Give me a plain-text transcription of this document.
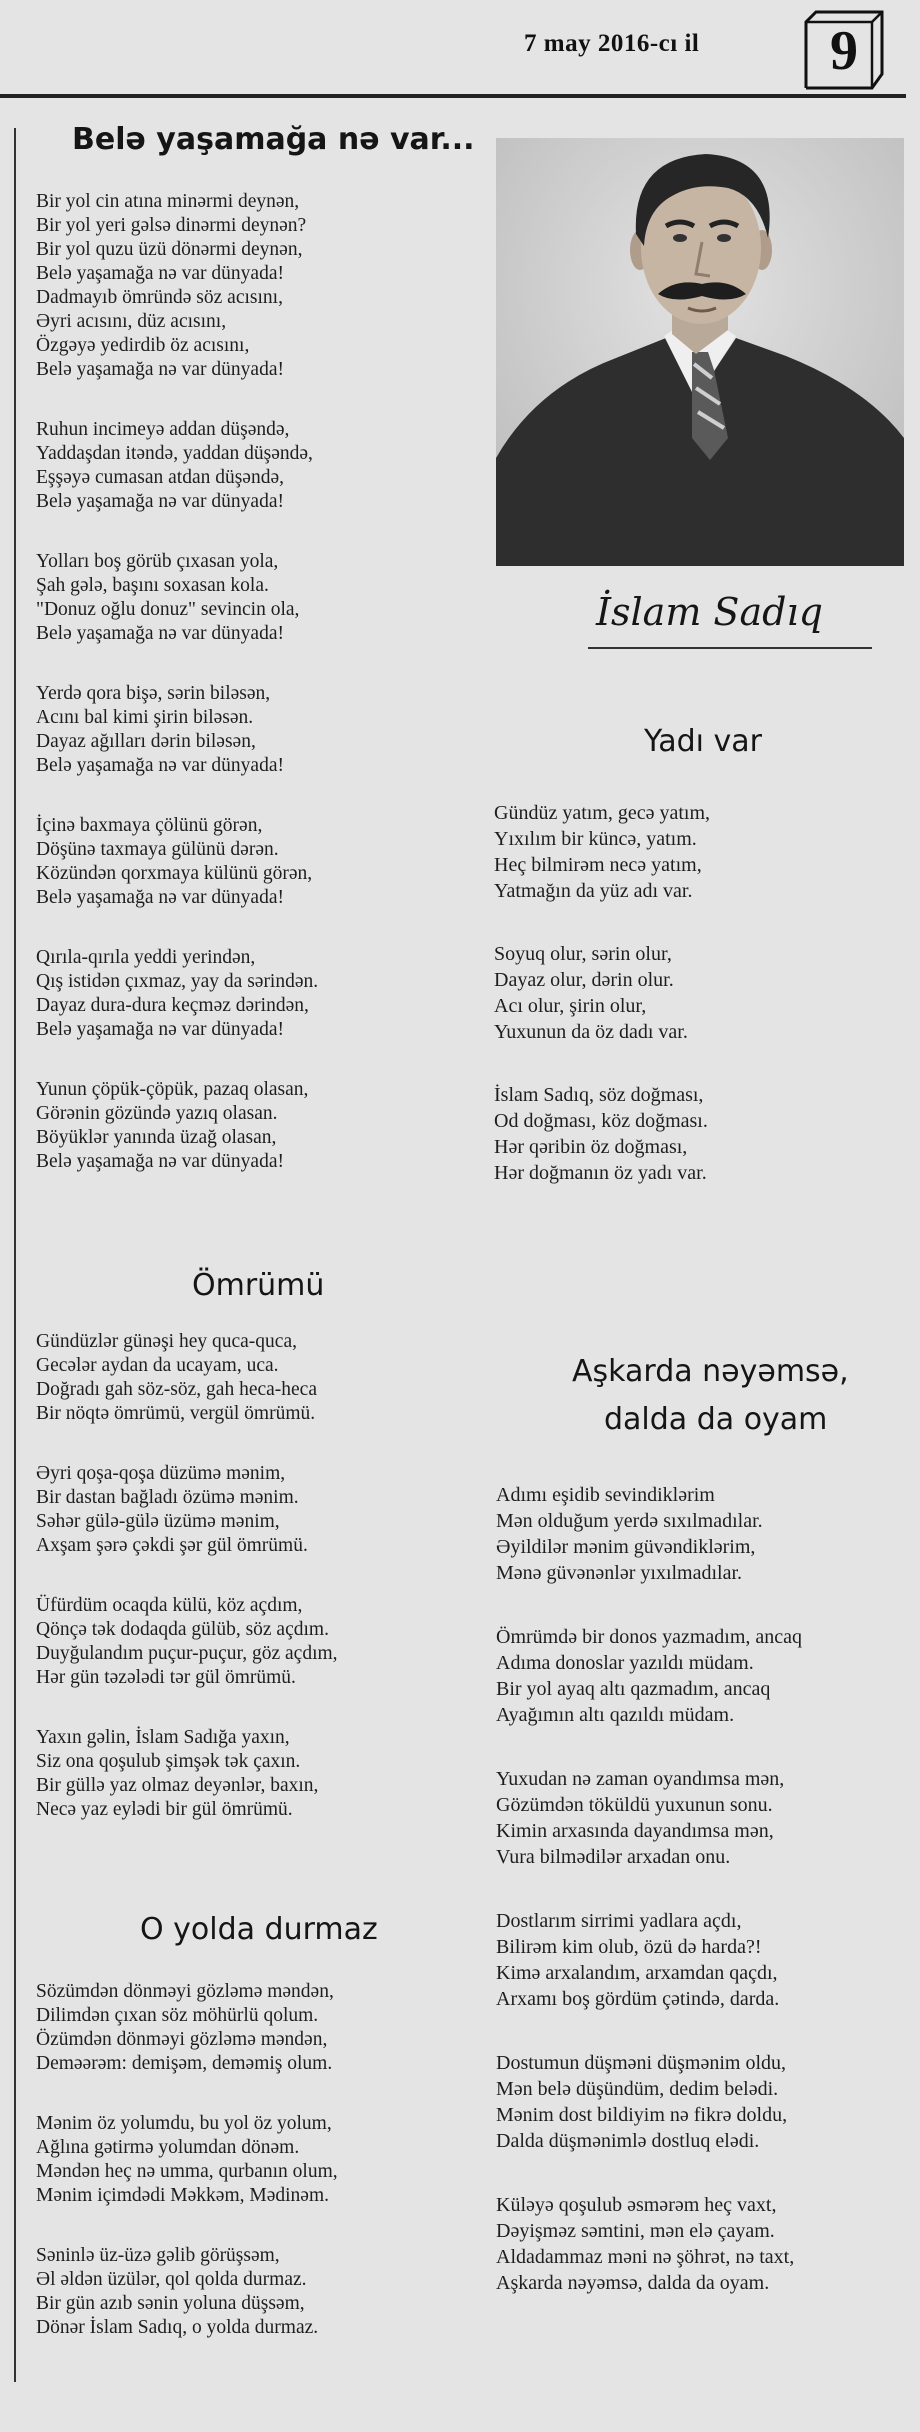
7 may 2016-cı il 9
Belə yaşamağa nə var...
Bir yol cin atına minərmi deynən,
Bir yol yeri gəlsə dinərmi deynən?
Bir yol quzu üzü dönərmi deynən,
Belə yaşamağa nə var dünyada!
Dadmayıb ömründə söz acısını,
Əyri acısını, düz acısını,
Özgəyə yedirdib öz acısını,
Belə yaşamağa nə var dünyada!
Ruhun incimeyə addan düşəndə,
Yaddaşdan itəndə, yaddan düşəndə,
Eşşəyə cumasan atdan düşəndə,
Belə yaşamağa nə var dünyada!
Yolları boş görüb çıxasan yola,
Şah gələ, başını soxasan kola.
"Donuz oğlu donuz" sevincin ola,
Belə yaşamağa nə var dünyada!
Yerdə qora bişə, sərin biləsən,
Acını bal kimi şirin biləsən.
Dayaz ağılları dərin biləsən,
Belə yaşamağa nə var dünyada!
İçinə baxmaya çölünü görən,
Döşünə taxmaya gülünü dərən.
Közündən qorxmaya külünü görən,
Belə yaşamağa nə var dünyada!
Qırıla-qırıla yeddi yerindən,
Qış istidən çıxmaz, yay da sərindən.
Dayaz dura-dura keçməz dərindən,
Belə yaşamağa nə var dünyada!
Yunun çöpük-çöpük, pazaq olasan,
Görənin gözündə yazıq olasan.
Böyüklər yanında üzağ olasan,
Belə yaşamağa nə var dünyada!
Ömrümü
Gündüzlər günəşi hey quca-quca,
Gecələr aydan da ucayam, uca.
Doğradı gah söz-söz, gah heca-heca
Bir nöqtə ömrümü, vergül ömrümü.
Əyri qoşa-qoşa düzümə mənim,
Bir dastan bağladı özümə mənim.
Səhər gülə-gülə üzümə mənim,
Axşam şərə çəkdi şər gül ömrümü.
Üfürdüm ocaqda külü, köz açdım,
Qönçə tək dodaqda gülüb, söz açdım.
Duyğulandım puçur-puçur, göz açdım,
Hər gün təzələdi tər gül ömrümü.
Yaxın gəlin, İslam Sadığa yaxın,
Siz ona qoşulub şimşək tək çaxın.
Bir güllə yaz olmaz deyənlər, baxın,
Necə yaz eylədi bir gül ömrümü.
O yolda durmaz
Sözümdən dönməyi gözləmə məndən,
Dilimdən çıxan söz möhürlü qolum.
Özümdən dönməyi gözləmə məndən,
Deməərəm: demişəm, deməmiş olum.
Mənim öz yolumdu, bu yol öz yolum,
Ağlına gətirmə yolumdan dönəm.
Məndən heç nə umma, qurbanın olum,
Mənim içimdədi Məkkəm, Mədinəm.
Səninlə üz-üzə gəlib görüşsəm,
Əl əldən üzülər, qol qolda durmaz.
Bir gün azıb sənin yoluna düşsəm,
Dönər İslam Sadıq, o yolda durmaz.
İslam Sadıq
Yadı var
Gündüz yatım, gecə yatım,
Yıxılım bir küncə, yatım.
Heç bilmirəm necə yatım,
Yatmağın da yüz adı var.
Soyuq olur, sərin olur,
Dayaz olur, dərin olur.
Acı olur, şirin olur,
Yuxunun da öz dadı var.
İslam Sadıq, söz doğması,
Od doğması, köz doğması.
Hər qəribin öz doğması,
Hər doğmanın öz yadı var.
Aşkarda nəyəmsə,
dalda da oyam
Adımı eşidib sevindiklərim
Mən olduğum yerdə sıxılmadılar.
Əyildilər mənim güvəndiklərim,
Mənə güvənənlər yıxılmadılar.
Ömrümdə bir donos yazmadım, ancaq
Adıma donoslar yazıldı müdam.
Bir yol ayaq altı qazmadım, ancaq
Ayağımın altı qazıldı müdam.
Yuxudan nə zaman oyandımsa mən,
Gözümdən töküldü yuxunun sonu.
Kimin arxasında dayandımsa mən,
Vura bilmədilər arxadan onu.
Dostlarım sirrimi yadlara açdı,
Bilirəm kim olub, özü də harda?!
Kimə arxalandım, arxamdan qaçdı,
Arxamı boş gördüm çətində, darda.
Dostumun düşməni düşmənim oldu,
Mən belə düşündüm, dedim belədi.
Mənim dost bildiyim nə fikrə doldu,
Dalda düşmənimlə dostluq elədi.
Küləyə qoşulub əsmərəm heç vaxt,
Dəyişməz səmtini, mən elə çayam.
Aldadammaz məni nə şöhrət, nə taxt,
Aşkarda nəyəmsə, dalda da oyam.
